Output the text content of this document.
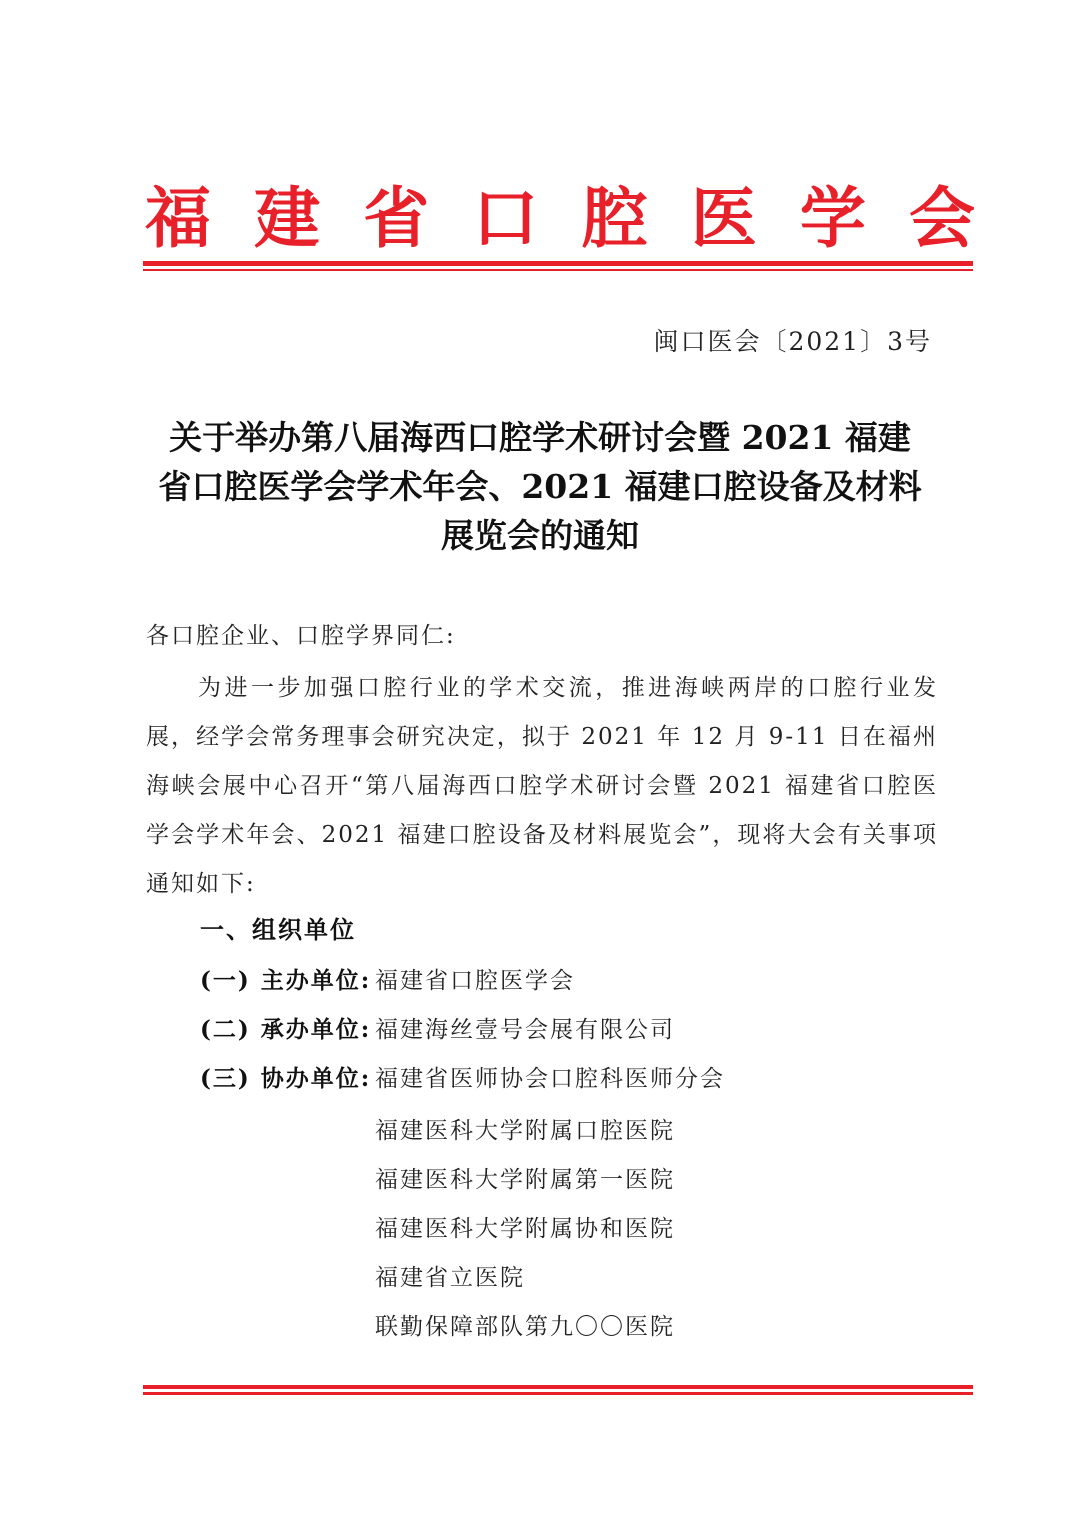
福 建 省 口 腔 医 学 会
闽口医会〔2021〕3号
关于举办第八届海西口腔学术研讨会暨 2021 福建
省口腔医学会学术年会、2021 福建口腔设备及材料
展览会的通知
各口腔企业、口腔学界同仁:
为进一步加强口腔行业的学术交流，推进海峡两岸的口腔行业发展，经学会常务理事会研究决定，拟于 2021 年 12 月 9-11 日在福州海峡会展中心召开“第八届海西口腔学术研讨会暨 2021 福建省口腔医学会学术年会、2021 福建口腔设备及材料展览会”，现将大会有关事项通知如下:
一、组织单位
(一) 主办单位: 福建省口腔医学会
(二) 承办单位: 福建海丝壹号会展有限公司
(三) 协办单位: 福建省医师协会口腔科医师分会
福建医科大学附属口腔医院
福建医科大学附属第一医院
福建医科大学附属协和医院
福建省立医院
联勤保障部队第九〇〇医院
